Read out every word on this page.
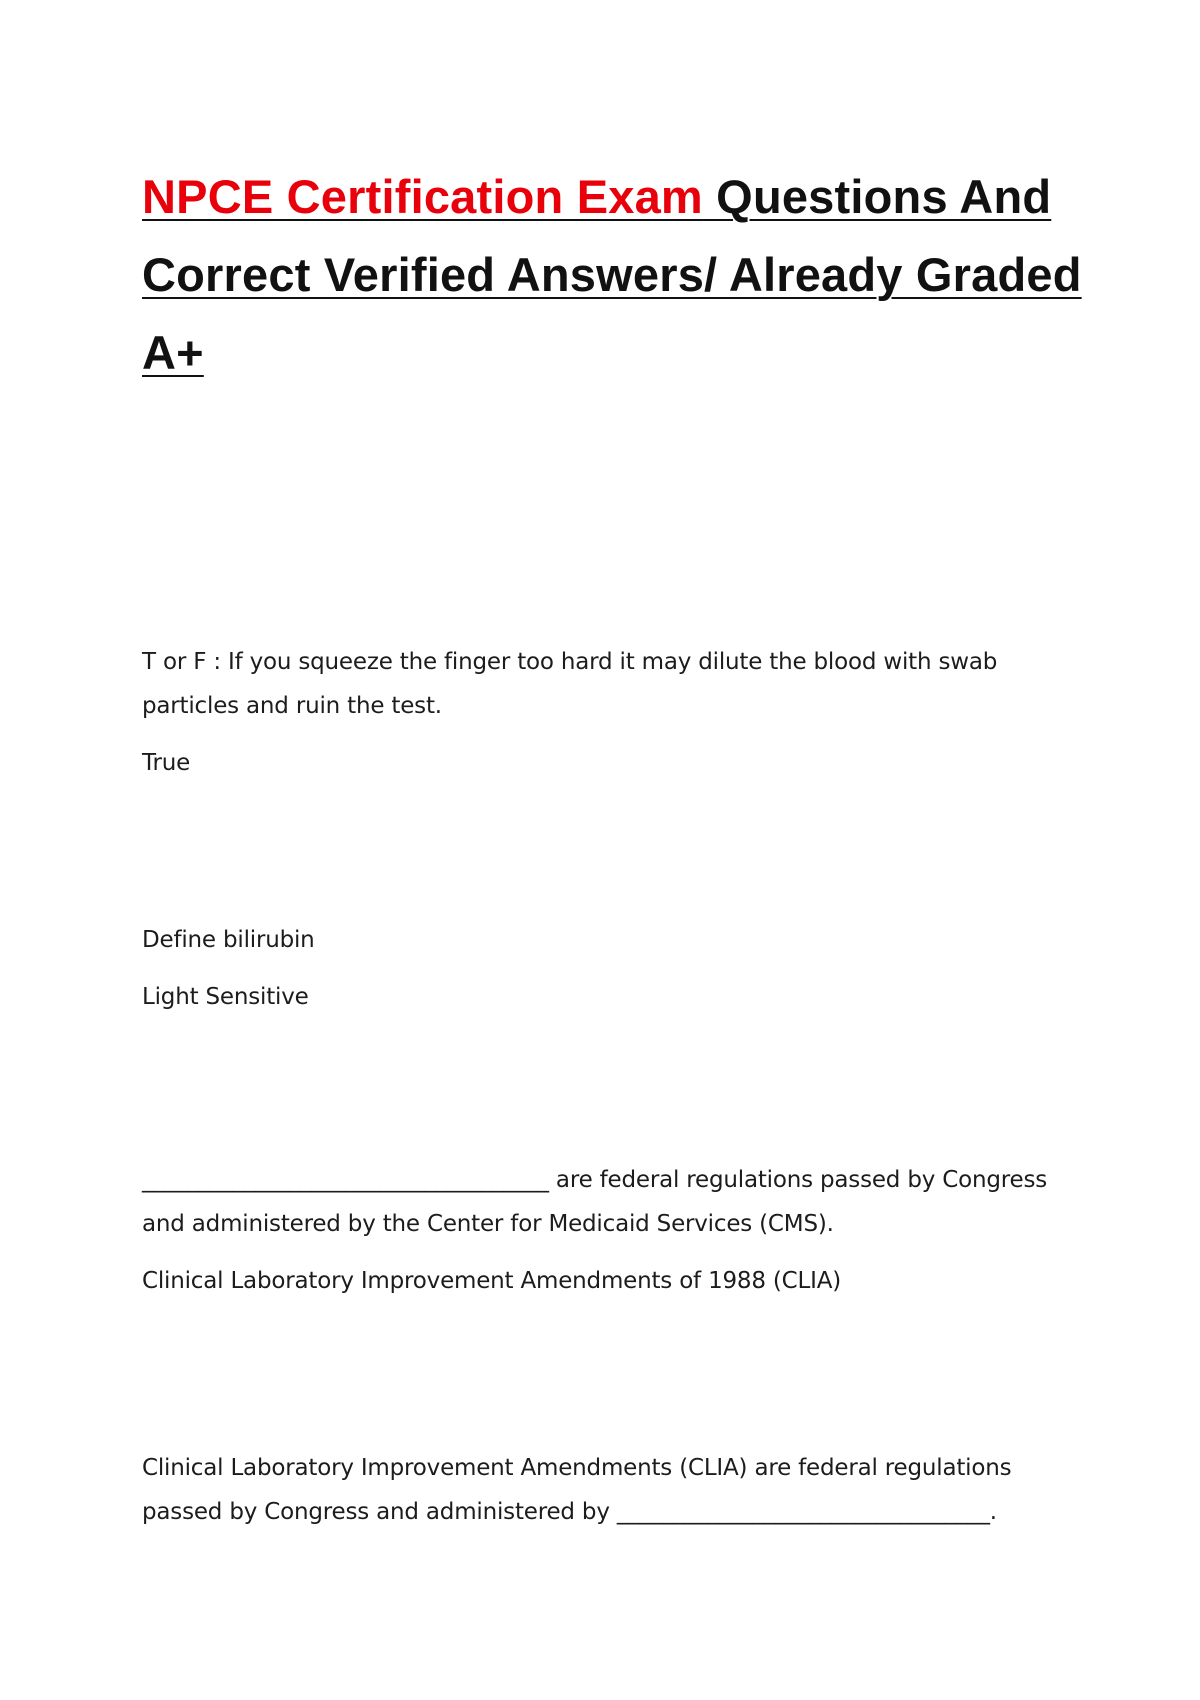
NPCE Certification Exam Questions And Correct Verified Answers/ Already Graded A+

T or F : If you squeeze the finger too hard it may dilute the blood with swab particles and ruin the test.

True

Define bilirubin

Light Sensitive

____________________________________ are federal regulations passed by Congress and administered by the Center for Medicaid Services (CMS).

Clinical Laboratory Improvement Amendments of 1988 (CLIA)

Clinical Laboratory Improvement Amendments (CLIA) are federal regulations passed by Congress and administered by _________________________________.
